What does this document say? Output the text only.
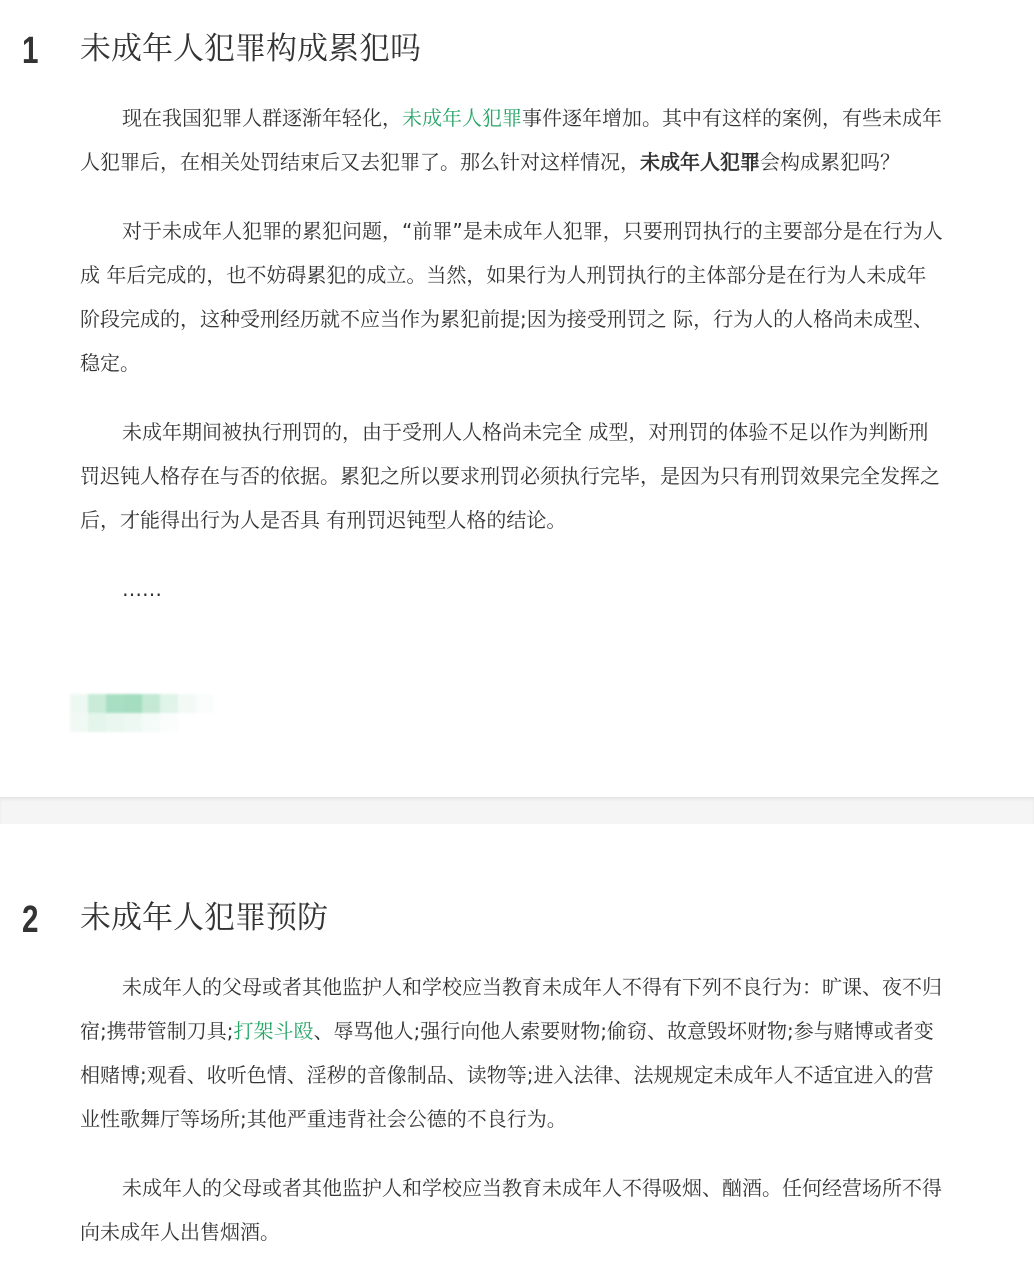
1 未成年人犯罪构成累犯吗

现在我国犯罪人群逐渐年轻化，未成年人犯罪事件逐年增加。其中有这样的案例，有些未成年人犯罪后，在相关处罚结束后又去犯罪了。那么针对这样情况，未成年人犯罪会构成累犯吗？

对于未成年人犯罪的累犯问题，“前罪”是未成年人犯罪，只要刑罚执行的主要部分是在行为人成 年后完成的，也不妨碍累犯的成立。当然，如果行为人刑罚执行的主体部分是在行为人未成年阶段完成的，这种受刑经历就不应当作为累犯前提;因为接受刑罚之 际，行为人的人格尚未成型、稳定。

未成年期间被执行刑罚的，由于受刑人人格尚未完全 成型，对刑罚的体验不足以作为判断刑罚迟钝人格存在与否的依据。累犯之所以要求刑罚必须执行完毕，是因为只有刑罚效果完全发挥之后，才能得出行为人是否具 有刑罚迟钝型人格的结论。

……

2 未成年人犯罪预防

未成年人的父母或者其他监护人和学校应当教育未成年人不得有下列不良行为：旷课、夜不归宿;携带管制刀具;打架斗殴、辱骂他人;强行向他人索要财物;偷窃、故意毁坏财物;参与赌博或者变相赌博;观看、收听色情、淫秽的音像制品、读物等;进入法律、法规规定未成年人不适宜进入的营业性歌舞厅等场所;其他严重违背社会公德的不良行为。

未成年人的父母或者其他监护人和学校应当教育未成年人不得吸烟、酗酒。任何经营场所不得向未成年人出售烟酒。
